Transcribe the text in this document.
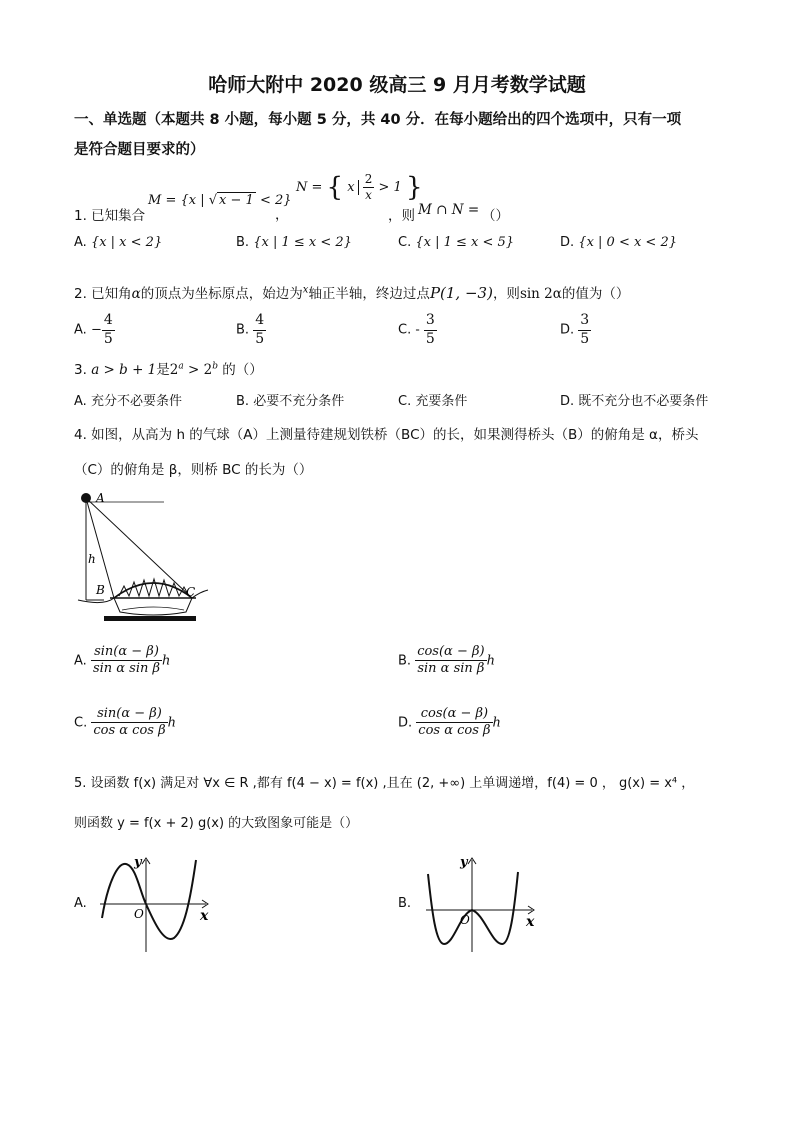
哈师大附中 2020 级高三 9 月月考数学试题
一、单选题（本题共 8 小题，每小题 5 分，共 40 分．在每小题给出的四个选项中，只有一项
是符合题目要求的）
1. 已知集合
M = {x | √ x − 1 < 2}
，
N = { x $\frac{2}{x} > 1$ }
，则 M ∩ N = （）
A. {x | x < 2}	B. {x | 1 ≤ x < 2}	C. {x | 1 ≤ x < 5}	D. {x | 0 < x < 2}
2. 已知角α的顶点为坐标原点，始边为$^x$轴正半轴，终边过点P(1, −3)，则sin 2α的值为（）
A. − $\frac{4}{5}$	B. $\frac{4}{5}$	C. - $\frac{3}{5}$	D. $\frac{3}{5}$
3. a > b + 1是$2^a > 2^b$ 的（）
A. 充分不必要条件	B. 必要不充分条件	C. 充要条件	D. 既不充分也不必要条件
4. 如图，从高为 h 的气球（A）上测量待建规划铁桥（BC）的长，如果测得桥头（B）的俯角是 α，桥头
（C）的俯角是 β，则桥 BC 的长为（）
A
h
B	C
A. $\frac{\sin(\alpha - \beta)}{\text{sin α sin β}}$ h	B. $\frac{\cos(\alpha - \beta)}{\text{sin α sin β}}$ h
C. $\frac{\sin(\alpha - \beta)}{\text{cos α cos β}}$ h	D. $\frac{\cos(\alpha - \beta)}{\text{cos α cos β}}$ h
5. 设函数 f(x) 满足对 ∀x ∈ R ,都有 f(4 − x) = f(x) ,且在 (2, +∞) 上单调递增，f(4) = 0 ， g(x) = x⁴ ，
则函数 y = f(x + 2) g(x) 的大致图象可能是（）
A.
y
x
O
B.
y
x
O
